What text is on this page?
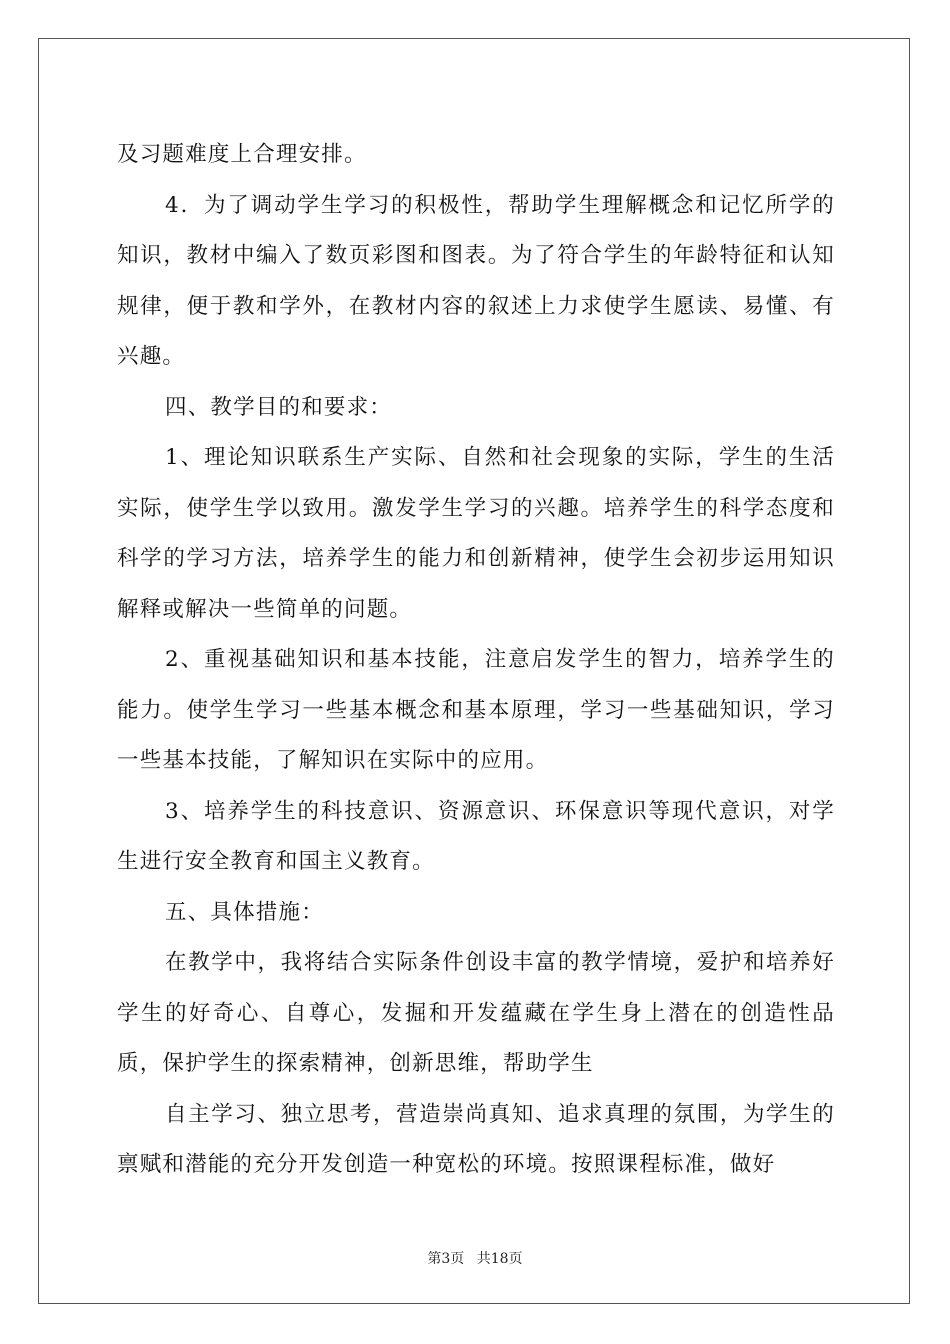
及习题难度上合理安排。

4．为了调动学生学习的积极性，帮助学生理解概念和记忆所学的知识，教材中编入了数页彩图和图表。为了符合学生的年龄特征和认知规律，便于教和学外，在教材内容的叙述上力求使学生愿读、易懂、有兴趣。

四、教学目的和要求：

1、理论知识联系生产实际、自然和社会现象的实际，学生的生活实际，使学生学以致用。激发学生学习的兴趣。培养学生的科学态度和科学的学习方法，培养学生的能力和创新精神，使学生会初步运用知识解释或解决一些简单的问题。

2、重视基础知识和基本技能，注意启发学生的智力，培养学生的能力。使学生学习一些基本概念和基本原理，学习一些基础知识，学习一些基本技能，了解知识在实际中的应用。

3、培养学生的科技意识、资源意识、环保意识等现代意识，对学生进行安全教育和国主义教育。

五、具体措施：

在教学中，我将结合实际条件创设丰富的教学情境，爱护和培养好学生的好奇心、自尊心，发掘和开发蕴藏在学生身上潜在的创造性品质，保护学生的探索精神，创新思维，帮助学生

自主学习、独立思考，营造崇尚真知、追求真理的氛围，为学生的禀赋和潜能的充分开发创造一种宽松的环境。按照课程标准，做好

第3页 共18页
